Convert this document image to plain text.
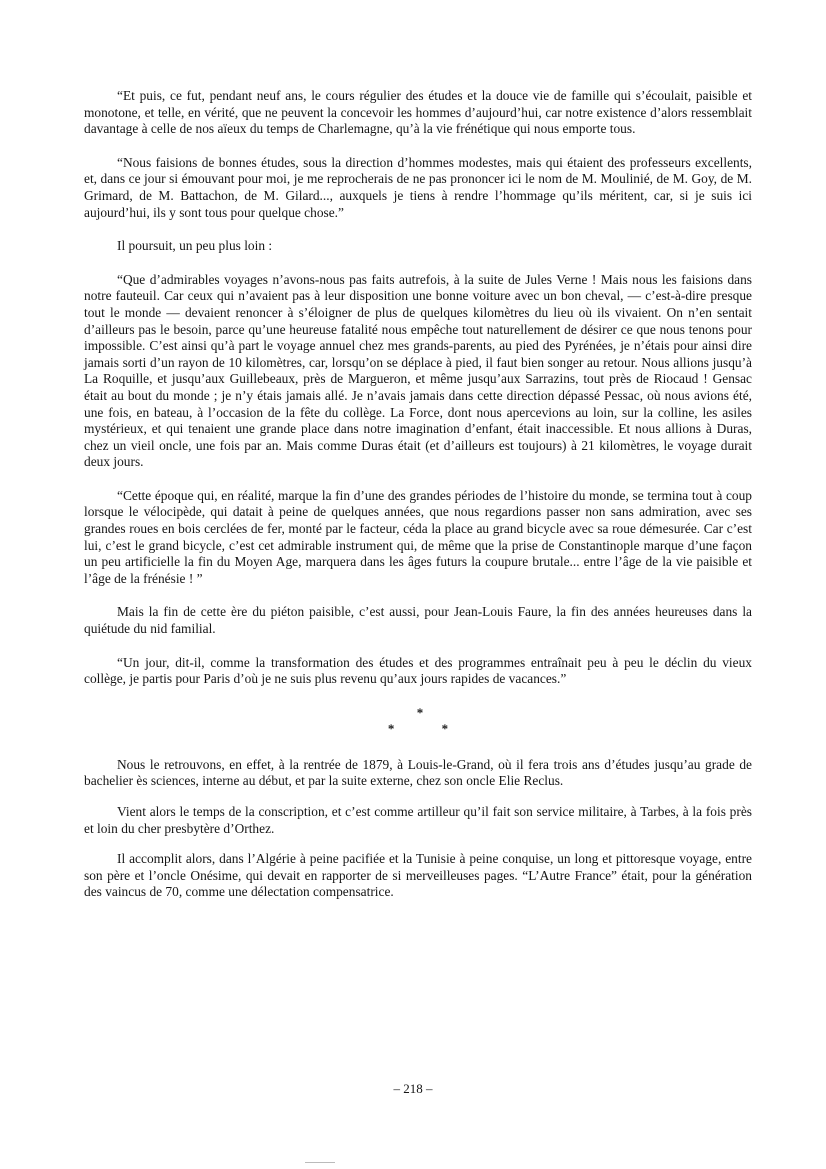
“Et puis, ce fut, pendant neuf ans, le cours régulier des études et la douce vie de famille qui s’écoulait, paisible et monotone, et telle, en vérité, que ne peuvent la concevoir les hommes d’aujourd’hui, car notre existence d’alors ressemblait davantage à celle de nos aïeux du temps de Charlemagne, qu’à la vie frénétique qui nous emporte tous.

“Nous faisions de bonnes études, sous la direction d’hommes modestes, mais qui étaient des professeurs excellents, et, dans ce jour si émouvant pour moi, je me reprocherais de ne pas prononcer ici le nom de M. Moulinié, de M. Goy, de M. Grimard, de M. Battachon, de M. Gilard..., auxquels je tiens à rendre l’hommage qu’ils méritent, car, si je suis ici aujourd’hui, ils y sont tous pour quelque chose.”

Il poursuit, un peu plus loin :

“Que d’admirables voyages n’avons-nous pas faits autrefois, à la suite de Jules Verne ! Mais nous les faisions dans notre fauteuil. Car ceux qui n’avaient pas à leur disposition une bonne voiture avec un bon cheval, — c’est-à-dire presque tout le monde — devaient renoncer à s’éloigner de plus de quelques kilomètres du lieu où ils vivaient. On n’en sentait d’ailleurs pas le besoin, parce qu’une heureuse fatalité nous empêche tout naturellement de désirer ce que nous tenons pour impossible. C’est ainsi qu’à part le voyage annuel chez mes grands-parents, au pied des Pyrénées, je n’étais pour ainsi dire jamais sorti d’un rayon de 10 kilomètres, car, lorsqu’on se déplace à pied, il faut bien songer au retour. Nous allions jusqu’à La Roquille, et jusqu’aux Guillebeaux, près de Margueron, et même jusqu’aux Sarrazins, tout près de Riocaud ! Gensac était au bout du monde ; je n’y étais jamais allé. Je n’avais jamais dans cette direction dépassé Pessac, où nous avions été, une fois, en bateau, à l’occasion de la fête du collège. La Force, dont nous apercevions au loin, sur la colline, les asiles mystérieux, et qui tenaient une grande place dans notre imagination d’enfant, était inaccessible. Et nous allions à Duras, chez un vieil oncle, une fois par an. Mais comme Duras était (et d’ailleurs est toujours) à 21 kilomètres, le voyage durait deux jours.

“Cette époque qui, en réalité, marque la fin d’une des grandes périodes de l’histoire du monde, se termina tout à coup lorsque le vélocipède, qui datait à peine de quelques années, que nous regardions passer non sans admiration, avec ses grandes roues en bois cerclées de fer, monté par le facteur, céda la place au grand bicycle avec sa roue démesurée. Car c’est lui, c’est le grand bicycle, c’est cet admirable instrument qui, de même que la prise de Constantinople marque d’une façon un peu artificielle la fin du Moyen Age, marquera dans les âges futurs la coupure brutale... entre l’âge de la vie paisible et l’âge de la frénésie ! ”

Mais la fin de cette ère du piéton paisible, c’est aussi, pour Jean-Louis Faure, la fin des années heureuses dans la quiétude du nid familial.

“Un jour, dit-il, comme la transformation des études et des programmes entraînait peu à peu le déclin du vieux collège, je partis pour Paris d’où je ne suis plus revenu qu’aux jours rapides de vacances.”

*
* *

Nous le retrouvons, en effet, à la rentrée de 1879, à Louis-le-Grand, où il fera trois ans d’études jusqu’au grade de bachelier ès sciences, interne au début, et par la suite externe, chez son oncle Elie Reclus.

Vient alors le temps de la conscription, et c’est comme artilleur qu’il fait son service militaire, à Tarbes, à la fois près et loin du cher presbytère d’Orthez.

Il accomplit alors, dans l’Algérie à peine pacifiée et la Tunisie à peine conquise, un long et pittoresque voyage, entre son père et l’oncle Onésime, qui devait en rapporter de si merveilleuses pages. “L’Autre France” était, pour la génération des vaincus de 70, comme une délectation compensatrice.

– 218 –
